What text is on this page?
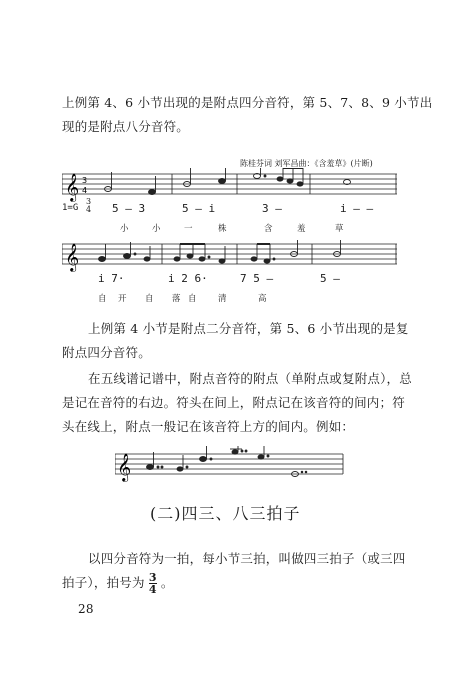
上例第 4、6 小节出现的是附点四分音符，第 5、7、8、9 小节出
现的是附点八分音符。
陈桂芬词 刘军昌曲：《含羞草》(片断)
𝄞 3
4
1=G
3
4 5 — 3	5 — i	3 —	i — —
小	小	一	株	含	羞	草
𝄞
i 7·	i 2 6·	7 5 —	5 —
自 开 自 落 自	清	高
上例第 4 小节是附点二分音符，第 5、6 小节出现的是复
附点四分音符。
在五线谱记谱中，附点音符的附点（单附点或复附点），总
是记在音符的右边。符头在间上，附点记在该音符的间内；符
头在线上，附点一般记在该音符上方的间内。例如：
𝄞
(二)四三、八三拍子
以四分音符为一拍，每小节三拍，叫做四三拍子（或三四
拍子），拍号为 $\frac{3}{4}$ 。
28
